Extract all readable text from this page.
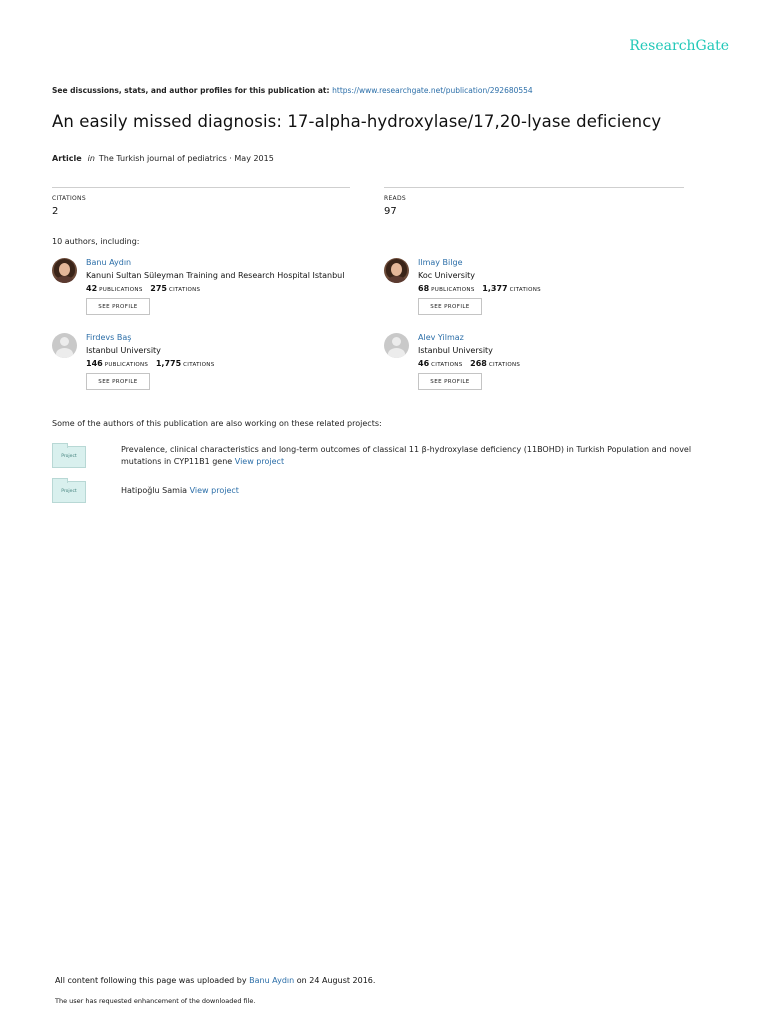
ResearchGate
See discussions, stats, and author profiles for this publication at: https://www.researchgate.net/publication/292680554
An easily missed diagnosis: 17-alpha-hydroxylase/17,20-lyase deficiency
Article in The Turkish journal of pediatrics · May 2015
CITATIONS
2
READS
97
10 authors, including:
Banu Aydın
Kanuni Sultan Süleyman Training and Research Hospital Istanbul
42 PUBLICATIONS 275 CITATIONS
SEE PROFILE
Ilmay Bilge
Koc University
68 PUBLICATIONS 1,377 CITATIONS
SEE PROFILE
Firdevs Baş
Istanbul University
146 PUBLICATIONS 1,775 CITATIONS
SEE PROFILE
Alev Yilmaz
Istanbul University
46 CITATIONS 268 CITATIONS
SEE PROFILE
Some of the authors of this publication are also working on these related projects:
Project
Prevalence, clinical characteristics and long-term outcomes of classical 11 β-hydroxylase deficiency (11BOHD) in Turkish Population and novel mutations in CYP11B1 gene View project
Project	Hatipoğlu Samia View project
All content following this page was uploaded by Banu Aydın on 24 August 2016.
The user has requested enhancement of the downloaded file.
